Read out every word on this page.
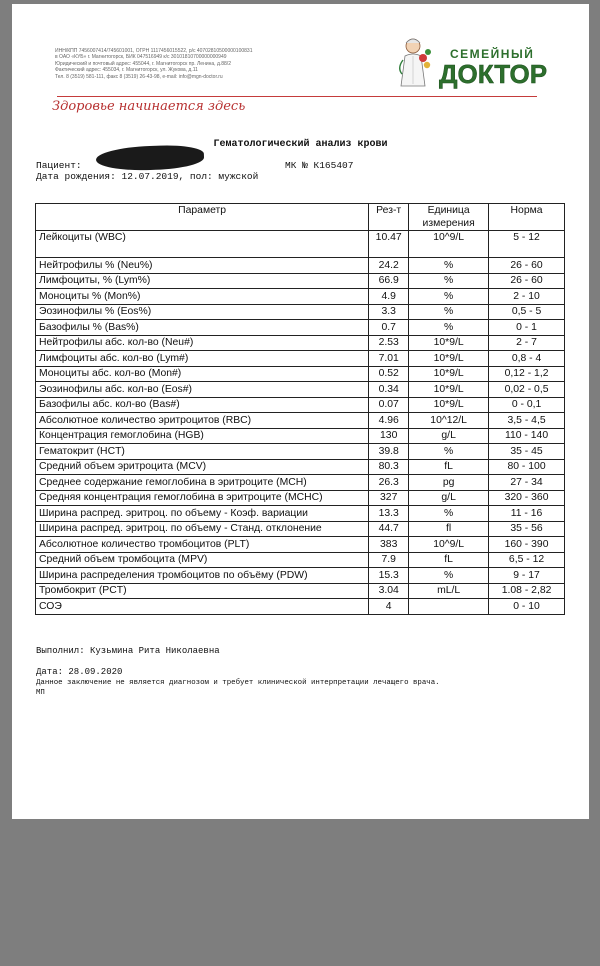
ИНН/КПП 7456007414/745601001, ОГРН 1117456015522, р/с 40702810500000100831
в ОАО «КУБ» г. Магнитогорск, БИК 047516949 к/с 30101810700000000949
Юридический и почтовый адрес: 455044, г. Магнитогорск пр. Ленина, д.88/2
Фактический адрес: 455034, г. Магнитогорск, ул. Жукова, д.11
Тел. 8 (3519) 581-111, факс 8 (3519) 26-43-98, e-mail: info@mgn-doctor.ru
СЕМЕЙНЫЙ
ДОКТОР
Здоровье начинается здесь
Гематологический анализ крови
Пациент:	МК № К165407
Дата рождения: 12.07.2019, пол: мужской
Параметр	Рез-т	Единица измерения	Норма
Лейкоциты (WBC)	10.47	10^9/L	5 - 12
Нейтрофилы % (Neu%)	24.2	%	26 - 60
Лимфоциты, % (Lym%)	66.9	%	26 - 60
Моноциты % (Mon%)	4.9	%	2 - 10
Эозинофилы % (Eos%)	3.3	%	0,5 - 5
Базофилы % (Bas%)	0.7	%	0 - 1
Нейтрофилы абс. кол-во (Neu#)	2.53	10*9/L	2 - 7
Лимфоциты абс. кол-во (Lym#)	7.01	10*9/L	0,8 - 4
Моноциты абс. кол-во (Mon#)	0.52	10*9/L	0,12 - 1,2
Эозинофилы абс. кол-во (Eos#)	0.34	10*9/L	0,02 - 0,5
Базофилы абс. кол-во (Bas#)	0.07	10*9/L	0 - 0,1
Абсолютное количество эритроцитов (RBC)	4.96	10^12/L	3,5 - 4,5
Концентрация гемоглобина (HGB)	130	g/L	110 - 140
Гематокрит (HCT)	39.8	%	35 - 45
Средний объем эритроцита (MCV)	80.3	fL	80 - 100
Среднее содержание гемоглобина в эритроците (MCH)	26.3	pg	27 - 34
Средняя концентрация гемоглобина в эритроците (MCHC)	327	g/L	320 - 360
Ширина распред. эритроц. по объему - Коэф. вариации	13.3	%	11 - 16
Ширина распред. эритроц. по объему - Станд. отклонение	44.7	fl	35 - 56
Абсолютное количество тромбоцитов (PLT)	383	10^9/L	160 - 390
Средний объем тромбоцита (MPV)	7.9	fL	6,5 - 12
Ширина распределения тромбоцитов по объёму (PDW)	15.3	%	9 - 17
Тромбокрит (PCT)	3.04	mL/L	1.08 - 2,82
СОЭ	4		0 - 10
Выполнил: Кузьмина Рита Николаевна
Дата: 28.09.2020
Данное заключение не является диагнозом и требует клинической интерпретации лечащего врача.
МП
